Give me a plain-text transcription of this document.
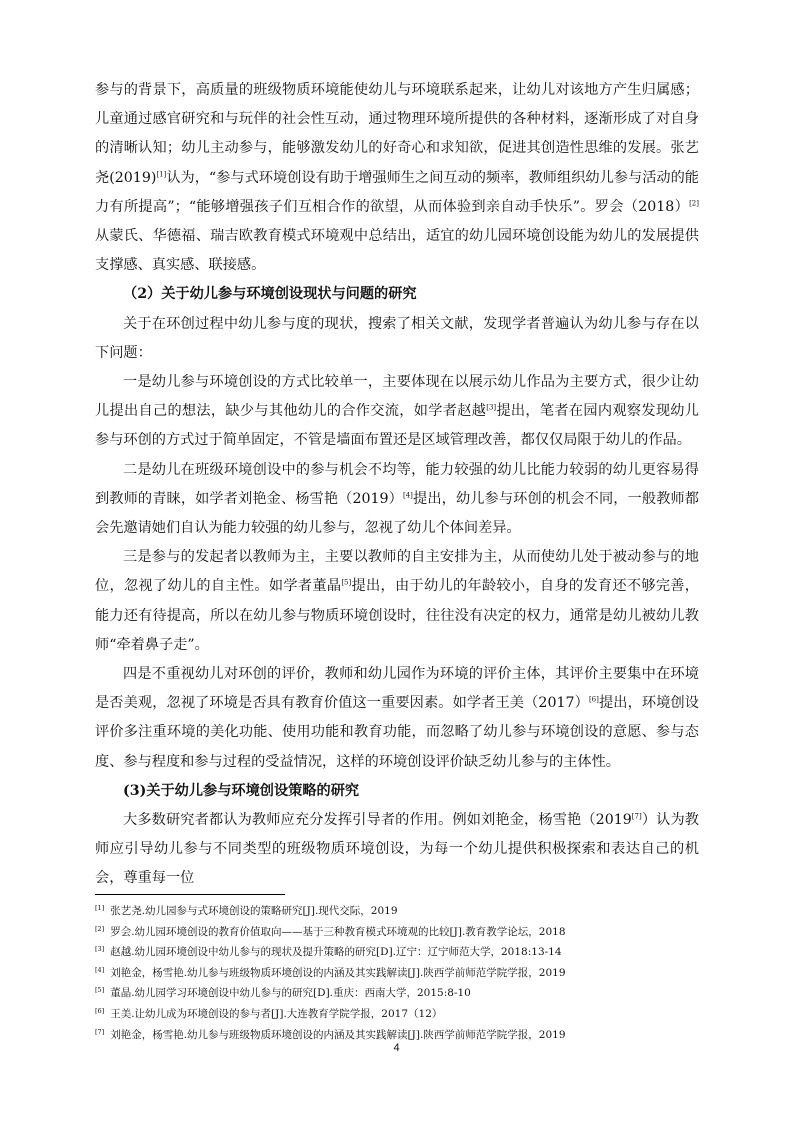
参与的背景下，高质量的班级物质环境能使幼儿与环境联系起来，让幼儿对该地方产生归属感；儿童通过感官研究和与玩伴的社会性互动，通过物理环境所提供的各种材料，逐渐形成了对自身的清晰认知；幼儿主动参与，能够激发幼儿的好奇心和求知欲，促进其创造性思维的发展。张艺尧(2019)[1]认为，“参与式环境创设有助于增强师生之间互动的频率，教师组织幼儿参与活动的能力有所提高”；“能够增强孩子们互相合作的欲望，从而体验到亲自动手快乐”。罗会（2018）[2]从蒙氏、华德福、瑞吉欧教育模式环境观中总结出，适宜的幼儿园环境创设能为幼儿的发展提供支撑感、真实感、联接感。

（2）关于幼儿参与环境创设现状与问题的研究

关于在环创过程中幼儿参与度的现状，搜索了相关文献，发现学者普遍认为幼儿参与存在以下问题：

一是幼儿参与环境创设的方式比较单一，主要体现在以展示幼儿作品为主要方式，很少让幼儿提出自己的想法，缺少与其他幼儿的合作交流，如学者赵越[3]提出，笔者在园内观察发现幼儿参与环创的方式过于简单固定，不管是墙面布置还是区域管理改善，都仅仅局限于幼儿的作品。

二是幼儿在班级环境创设中的参与机会不均等，能力较强的幼儿比能力较弱的幼儿更容易得到教师的青睐，如学者刘艳金、杨雪艳（2019）[4]提出，幼儿参与环创的机会不同，一般教师都会先邀请她们自认为能力较强的幼儿参与，忽视了幼儿个体间差异。

三是参与的发起者以教师为主，主要以教师的自主安排为主，从而使幼儿处于被动参与的地位，忽视了幼儿的自主性。如学者董晶[5]提出，由于幼儿的年龄较小，自身的发育还不够完善，能力还有待提高，所以在幼儿参与物质环境创设时，往往没有决定的权力，通常是幼儿被幼儿教师“牵着鼻子走”。

四是不重视幼儿对环创的评价，教师和幼儿园作为环境的评价主体，其评价主要集中在环境是否美观，忽视了环境是否具有教育价值这一重要因素。如学者王美（2017）[6]提出，环境创设评价多注重环境的美化功能、使用功能和教育功能，而忽略了幼儿参与环境创设的意愿、参与态度、参与程度和参与过程的受益情况，这样的环境创设评价缺乏幼儿参与的主体性。

(3)关于幼儿参与环境创设策略的研究

大多数研究者都认为教师应充分发挥引导者的作用。例如刘艳金，杨雪艳（2019[7]）认为教师应引导幼儿参与不同类型的班级物质环境创设，为每一个幼儿提供积极探索和表达自己的机会，尊重每一位

[1] 张艺尧.幼儿园参与式环境创设的策略研究[J].现代交际，2019
[2] 罗会.幼儿园环境创设的教育价值取向——基于三种教育模式环境观的比较[J].教育教学论坛，2018
[3] 赵越.幼儿园环境创设中幼儿参与的现状及提升策略的研究[D].辽宁：辽宁师范大学，2018:13-14
[4] 刘艳金，杨雪艳.幼儿参与班级物质环境创设的内涵及其实践解读[J].陕西学前师范学院学报，2019
[5] 董晶.幼儿园学习环境创设中幼儿参与的研究[D].重庆：西南大学，2015:8-10
[6] 王美.让幼儿成为环境创设的参与者[J].大连教育学院学报，2017（12）
[7] 刘艳金，杨雪艳.幼儿参与班级物质环境创设的内涵及其实践解读[J].陕西学前师范学院学报，2019
4
